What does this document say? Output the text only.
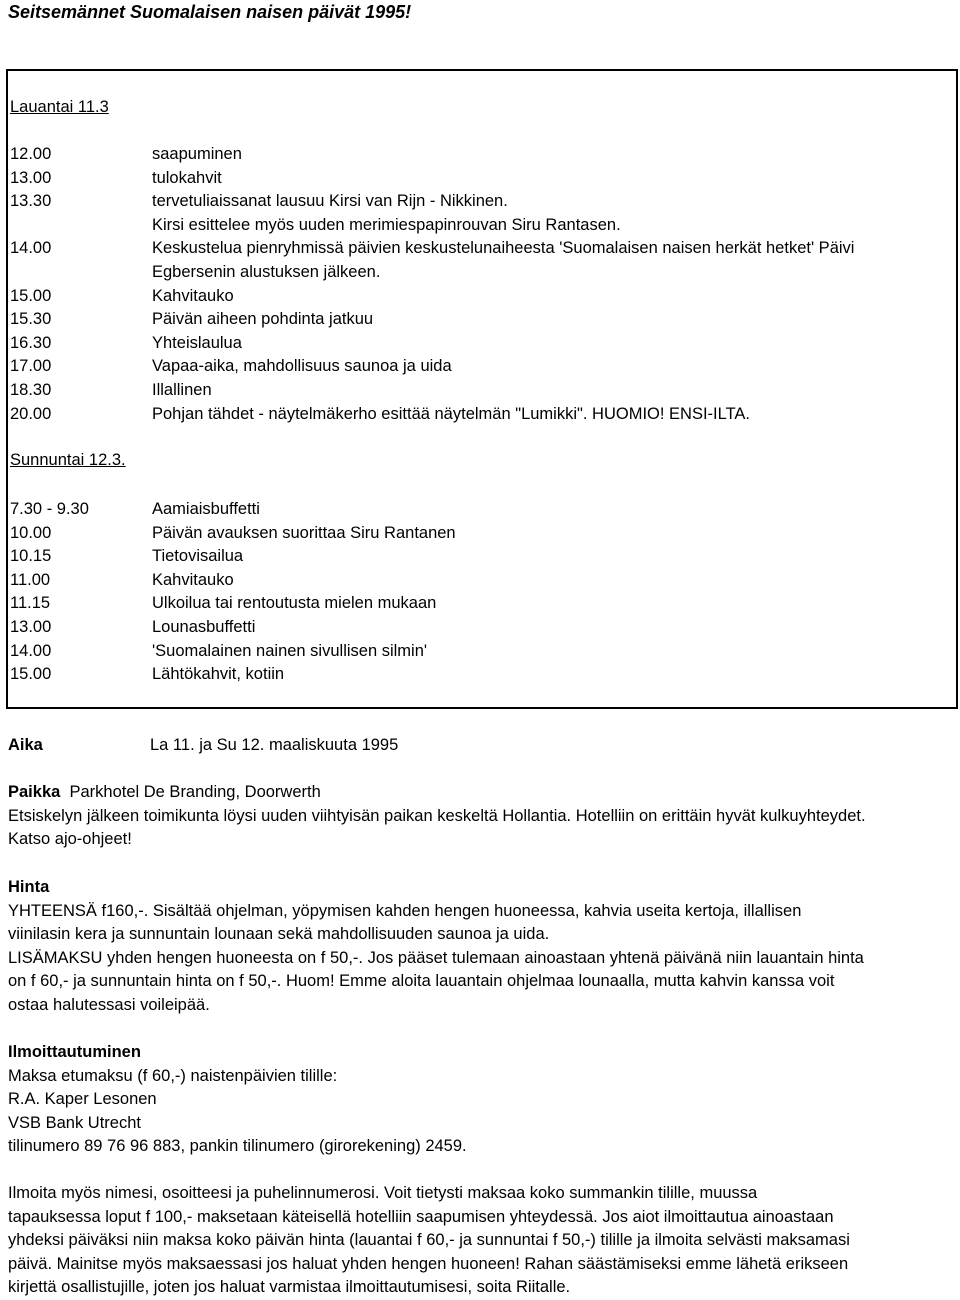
Seitsemännet Suomalaisen naisen päivät 1995!
Lauantai 11.3
12.00	saapuminen
13.00	tulokahvit
13.30	tervetuliaissanat lausuu Kirsi van Rijn - Nikkinen.
Kirsi esittelee myös uuden merimiespapinrouvan Siru Rantasen.
14.00	Keskustelua pienryhmissä päivien keskustelunaiheesta 'Suomalaisen naisen herkät hetket' Päivi
Egbersenin alustuksen jälkeen.
15.00	Kahvitauko
15.30	Päivän aiheen pohdinta jatkuu
16.30	Yhteislaulua
17.00	Vapaa-aika, mahdollisuus saunoa ja uida
18.30	Illallinen
20.00	Pohjan tähdet - näytelmäkerho esittää näytelmän "Lumikki". HUOMIO! ENSI-ILTA.
Sunnuntai 12.3.
7.30 - 9.30	Aamiaisbuffetti
10.00	Päivän avauksen suorittaa Siru Rantanen
10.15	Tietovisailua
11.00	Kahvitauko
11.15	Ulkoilua tai rentoutusta mielen mukaan
13.00	Lounasbuffetti
14.00	'Suomalainen nainen sivullisen silmin'
15.00	Lähtökahvit, kotiin
Aika	La 11. ja Su 12. maaliskuuta 1995
Paikka Parkhotel De Branding, Doorwerth
Etsiskelyn jälkeen toimikunta löysi uuden viihtyisän paikan keskeltä Hollantia. Hotelliin on erittäin hyvät kulkuyhteydet.
Katso ajo-ohjeet!
Hinta
YHTEENSÄ f160,-. Sisältää ohjelman, yöpymisen kahden hengen huoneessa, kahvia useita kertoja, illallisen
viinilasin kera ja sunnuntain lounaan sekä mahdollisuuden saunoa ja uida.
LISÄMAKSU yhden hengen huoneesta on f 50,-. Jos pääset tulemaan ainoastaan yhtenä päivänä niin lauantain hinta
on f 60,- ja sunnuntain hinta on f 50,-. Huom! Emme aloita lauantain ohjelmaa lounaalla, mutta kahvin kanssa voit
ostaa halutessasi voileipää.
Ilmoittautuminen
Maksa etumaksu (f 60,-) naistenpäivien tilille:
R.A. Kaper Lesonen
VSB Bank Utrecht
tilinumero 89 76 96 883, pankin tilinumero (girorekening) 2459.
Ilmoita myös nimesi, osoitteesi ja puhelinnumerosi. Voit tietysti maksaa koko summankin tilille, muussa
tapauksessa loput f 100,- maksetaan käteisellä hotelliin saapumisen yhteydessä. Jos aiot ilmoittautua ainoastaan
yhdeksi päiväksi niin maksa koko päivän hinta (lauantai f 60,- ja sunnuntai f 50,-) tilille ja ilmoita selvästi maksamasi
päivä. Mainitse myös maksaessasi jos haluat yhden hengen huoneen! Rahan säästämiseksi emme lähetä erikseen
kirjettä osallistujille, joten jos haluat varmistaa ilmoittautumisesi, soita Riitalle.
